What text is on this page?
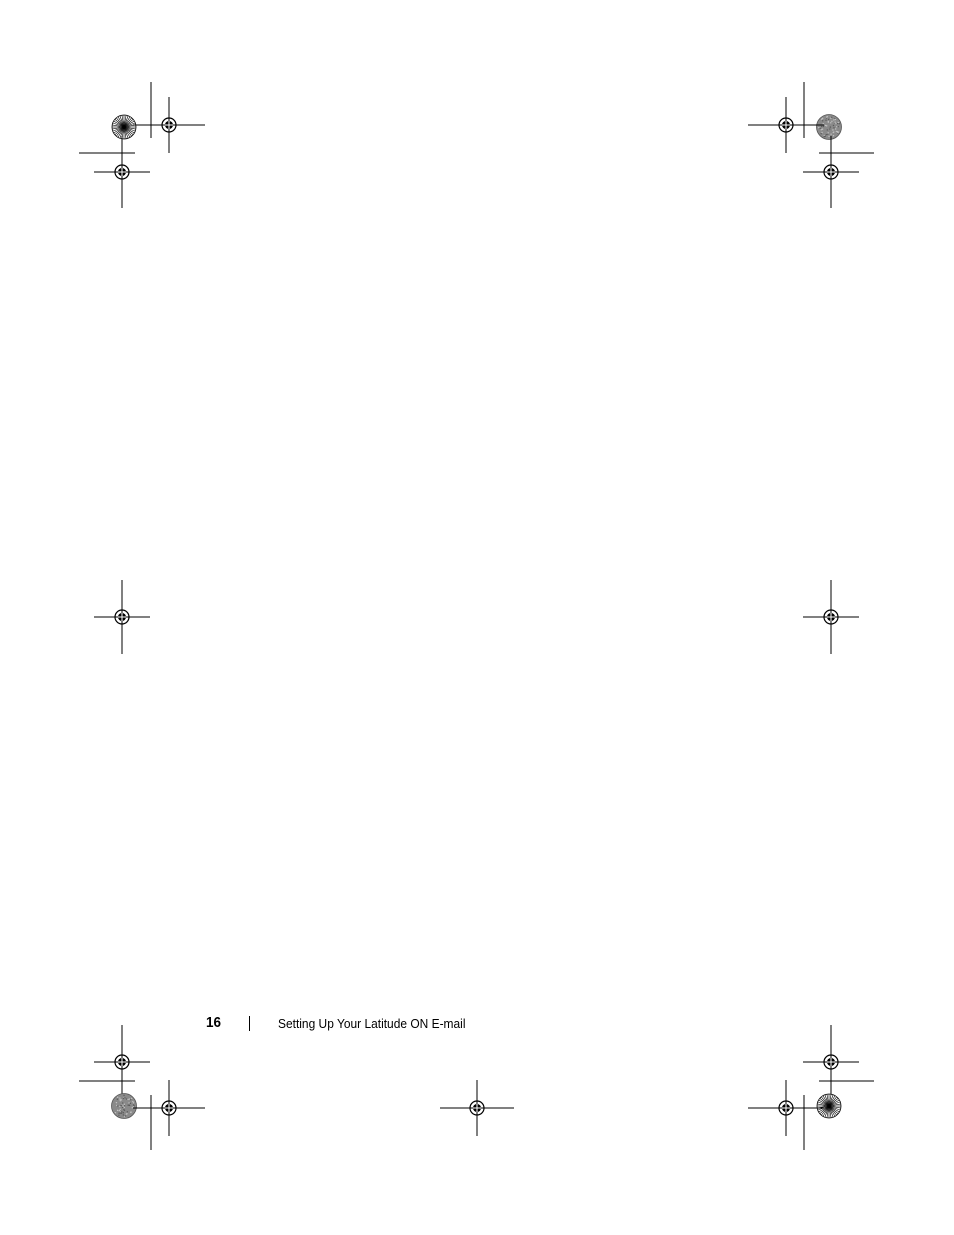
16	Setting Up Your Latitude ON E-mail
